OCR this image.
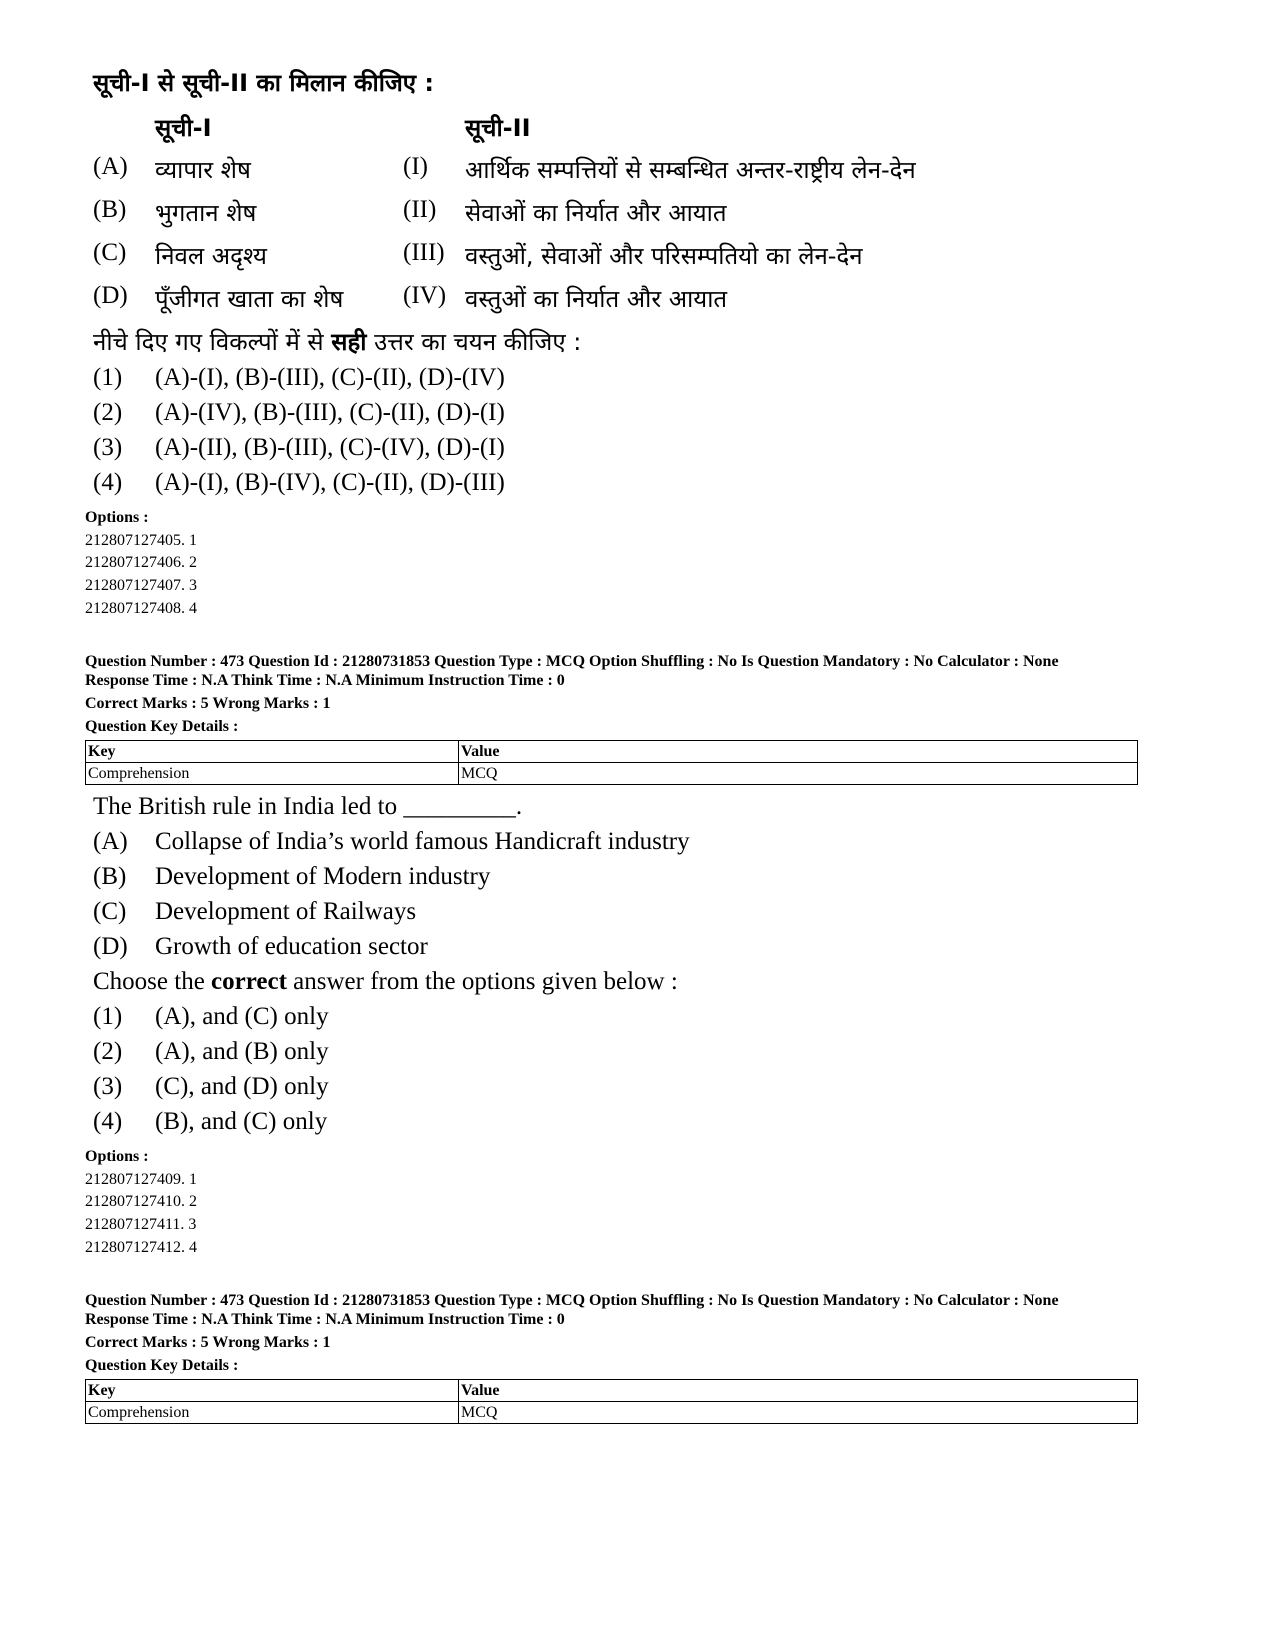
सूची-I से सूची-II का मिलान कीजिए :
सूची-I	सूची-II
(A) व्यापार शेष	(I) आर्थिक सम्पत्तियों से सम्बन्धित अन्तर-राष्ट्रीय लेन-देन
(B) भुगतान शेष	(II) सेवाओं का निर्यात और आयात
(C) निवल अदृश्य	(III) वस्तुओं, सेवाओं और परिसम्पतियो का लेन-देन
(D) पूँजीगत खाता का शेष (IV) वस्तुओं का निर्यात और आयात
नीचे दिए गए विकल्पों में से सही उत्तर का चयन कीजिए :
(1) (A)-(I), (B)-(III), (C)-(II), (D)-(IV)
(2) (A)-(IV), (B)-(III), (C)-(II), (D)-(I)
(3) (A)-(II), (B)-(III), (C)-(IV), (D)-(I)
(4) (A)-(I), (B)-(IV), (C)-(II), (D)-(III)
Options :
212807127405. 1
212807127406. 2
212807127407. 3
212807127408. 4
Question Number : 473 Question Id : 21280731853 Question Type : MCQ Option Shuffling : No Is Question Mandatory : No Calculator : None
Response Time : N.A Think Time : N.A Minimum Instruction Time : 0
Correct Marks : 5 Wrong Marks : 1
Question Key Details :
Key	Value
Comprehension	MCQ
The British rule in India led to _________.
(A) Collapse of India’s world famous Handicraft industry
(B) Development of Modern industry
(C) Development of Railways
(D) Growth of education sector
Choose the correct answer from the options given below :
(1) (A), and (C) only
(2) (A), and (B) only
(3) (C), and (D) only
(4) (B), and (C) only
Options :
212807127409. 1
212807127410. 2
212807127411. 3
212807127412. 4
Question Number : 473 Question Id : 21280731853 Question Type : MCQ Option Shuffling : No Is Question Mandatory : No Calculator : None
Response Time : N.A Think Time : N.A Minimum Instruction Time : 0
Correct Marks : 5 Wrong Marks : 1
Question Key Details :
Key	Value
Comprehension	MCQ
